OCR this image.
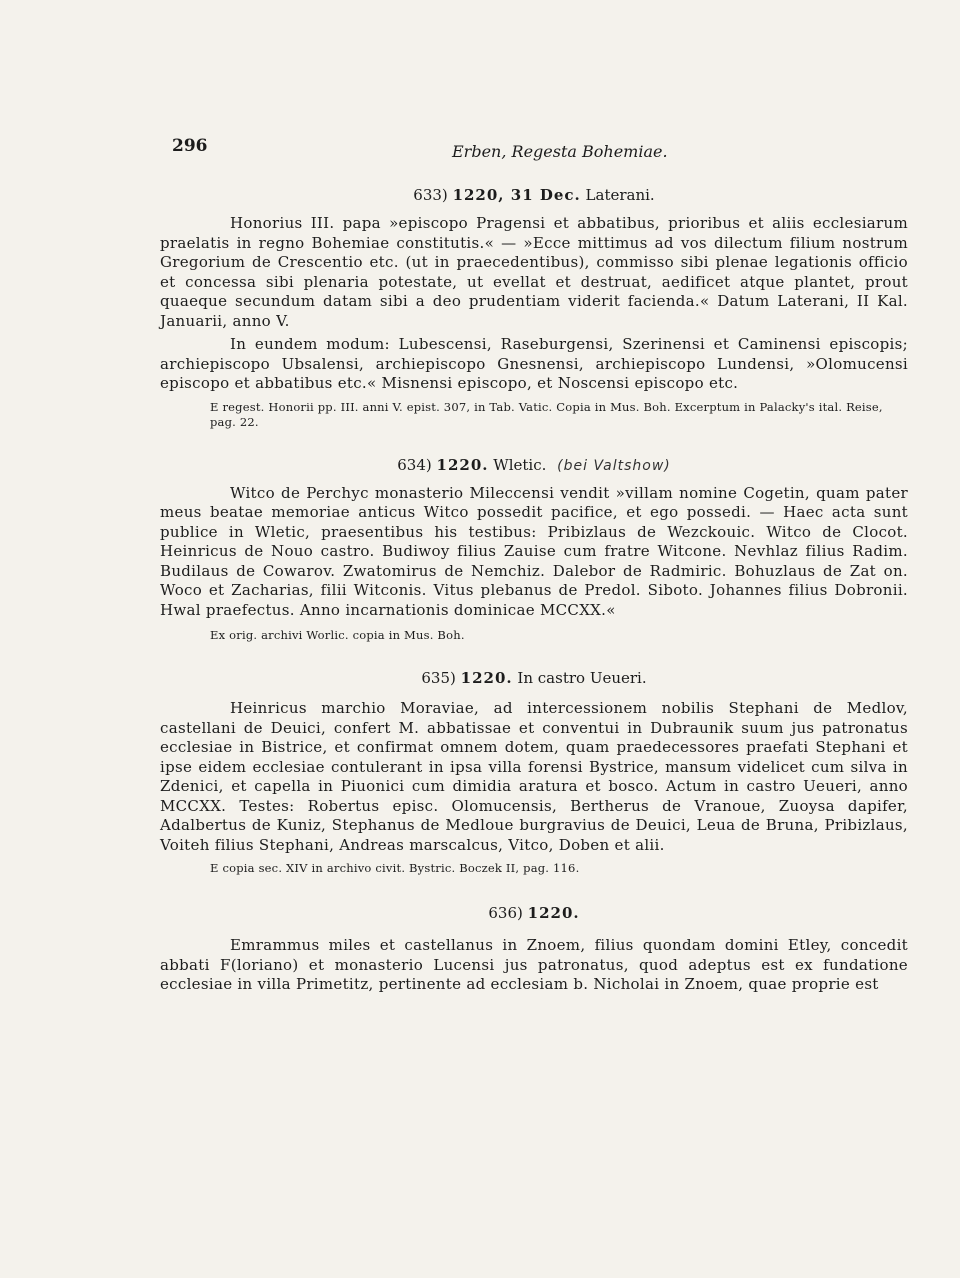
296	Erben, Regesta Bohemiae.

633) 1220, 31 Dec. Laterani.

Honorius III. papa »episcopo Pragensi et abbatibus, prioribus et aliis ecclesiarum praelatis in regno Bohemiae constitutis.« — »Ecce mittimus ad vos dilectum filium nostrum Gregorium de Crescentio etc. (ut in praecedentibus), commisso sibi plenae legationis officio et concessa sibi plenaria potestate, ut evellat et destruat, aedificet atque plantet, prout quaeque secundum datam sibi a deo prudentiam viderit facienda.« Datum Laterani, II Kal. Januarii, anno V.

In eundem modum: Lubescensi, Raseburgensi, Szerinensi et Caminensi episcopis; archiepiscopo Ubsalensi, archiepiscopo Gnesnensi, archiepiscopo Lundensi, »Olomucensi episcopo et abbatibus etc.« Misnensi episcopo, et Noscensi episcopo etc.

E regest. Honorii pp. III. anni V. epist. 307, in Tab. Vatic. Copia in Mus. Boh. Excerptum in Palacky's ital. Reise, pag. 22.

634) 1220. Wletic. (bei Valtshow)

Witco de Perchyc monasterio Mileccensi vendit »villam nomine Cogetin, quam pater meus beatae memoriae anticus Witco possedit pacifice, et ego possedi. — Haec acta sunt publice in Wletic, praesentibus his testibus: Pribizlaus de Wezckouic. Witco de Clocot. Heinricus de Nouo castro. Budiwoy filius Zauise cum fratre Witcone. Nevhlaz filius Radim. Budilaus de Cowarov. Zwatomirus de Nemchiz. Dalebor de Radmiric. Bohuzlaus de Zat on. Woco et Zacharias, filii Witconis. Vitus plebanus de Predol. Siboto. Johannes filius Dobronii. Hwal praefectus. Anno incarnationis dominicae MCCXX.«

Ex orig. archivi Worlic. copia in Mus. Boh.

635) 1220. In castro Ueueri.

Heinricus marchio Moraviae, ad intercessionem nobilis Stephani de Medlov, castellani de Deuici, confert M. abbatissae et conventui in Dubraunik suum jus patronatus ecclesiae in Bistrice, et confirmat omnem dotem, quam praedecessores praefati Stephani et ipse eidem ecclesiae contulerant in ipsa villa forensi Bystrice, mansum videlicet cum silva in Zdenici, et capella in Piuonici cum dimidia aratura et bosco. Actum in castro Ueueri, anno MCCXX. Testes: Robertus episc. Olomucensis, Bertherus de Vranoue, Zuoysa dapifer, Adalbertus de Kuniz, Stephanus de Medloue burgravius de Deuici, Leua de Bruna, Pribizlaus, Voiteh filius Stephani, Andreas marscalcus, Vitco, Doben et alii.

E copia sec. XIV in archivo civit. Bystric. Boczek II, pag. 116.

636) 1220.

Emrammus miles et castellanus in Znoem, filius quondam domini Etley, concedit abbati F(loriano) et monasterio Lucensi jus patronatus, quod adeptus est ex fundatione ecclesiae in villa Primetitz, pertinente ad ecclesiam b. Nicholai in Znoem, quae proprie est
